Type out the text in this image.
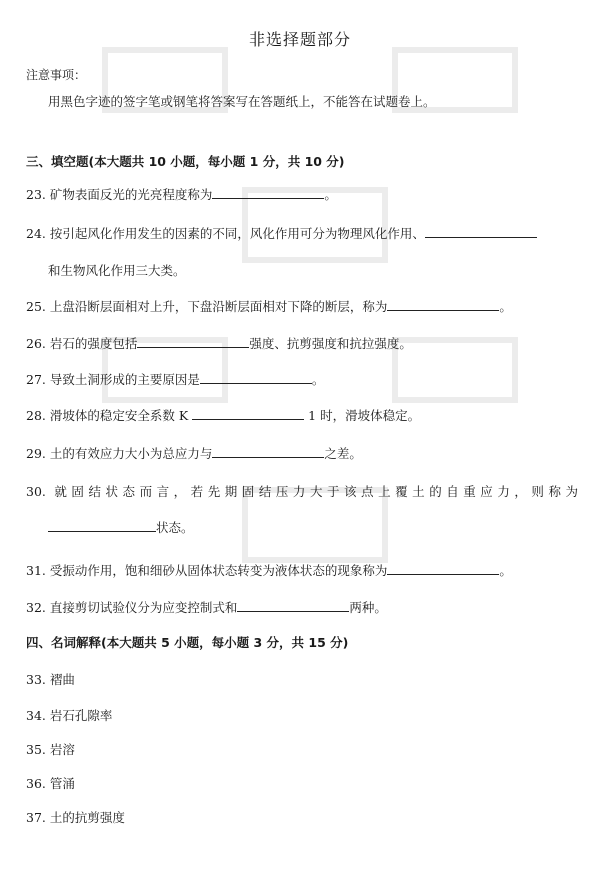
非选择题部分
注意事项：
用黑色字迹的签字笔或钢笔将答案写在答题纸上，不能答在试题卷上。
三、填空题(本大题共 10 小题，每小题 1 分，共 10 分)
23. 矿物表面反光的光亮程度称为	。
24. 按引起风化作用发生的因素的不同，风化作用可分为物理风化作用、
和生物风化作用三大类。
25. 上盘沿断层面相对上升，下盘沿断层面相对下降的断层，称为	。
26. 岩石的强度包括	强度、抗剪强度和抗拉强度。
27. 导致土洞形成的主要原因是	。
28. 滑坡体的稳定安全系数 K	1 时，滑坡体稳定。
29. 土的有效应力大小为总应力与	之差。
30. 就固结状态而言，若先期固结压力大于该点上覆土的自重应力，则称为
状态。
31. 受振动作用，饱和细砂从固体状态转变为液体状态的现象称为	。
32. 直接剪切试验仪分为应变控制式和	两种。
四、名词解释(本大题共 5 小题，每小题 3 分，共 15 分)
33. 褶曲
34. 岩石孔隙率
35. 岩溶
36. 管涌
37. 土的抗剪强度
